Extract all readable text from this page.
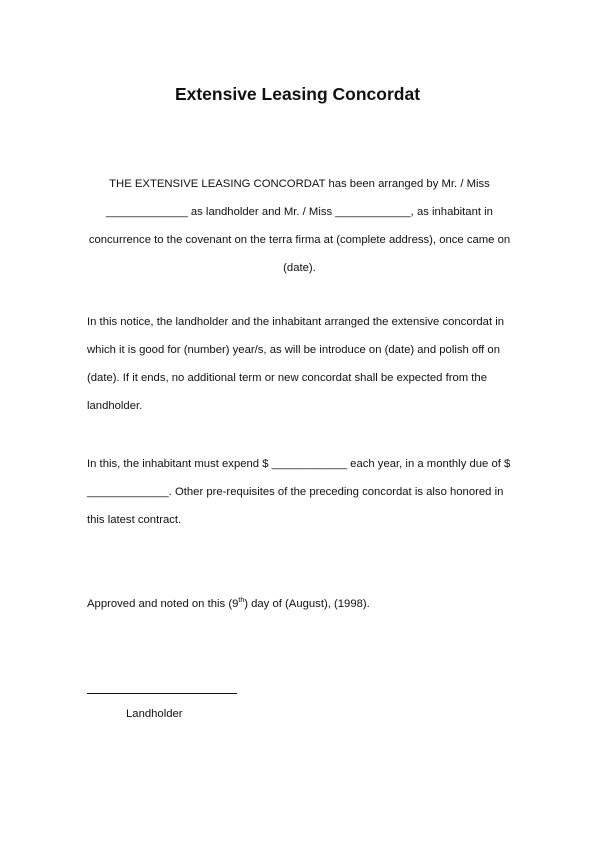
Extensive Leasing Concordat

THE EXTENSIVE LEASING CONCORDAT has been arranged by Mr. / Miss _____________ as landholder and Mr. / Miss ____________, as inhabitant in concurrence to the covenant on the terra firma at (complete address), once came on (date).

In this notice, the landholder and the inhabitant arranged the extensive concordat in which it is good for (number) year/s, as will be introduce on (date) and polish off on (date). If it ends, no additional term or new concordat shall be expected from the landholder.

In this, the inhabitant must expend $ ____________ each year, in a monthly due of $ _____________. Other pre-requisites of the preceding concordat is also honored in this latest contract.

Approved and noted on this (9th) day of (August), (1998).

Landholder
